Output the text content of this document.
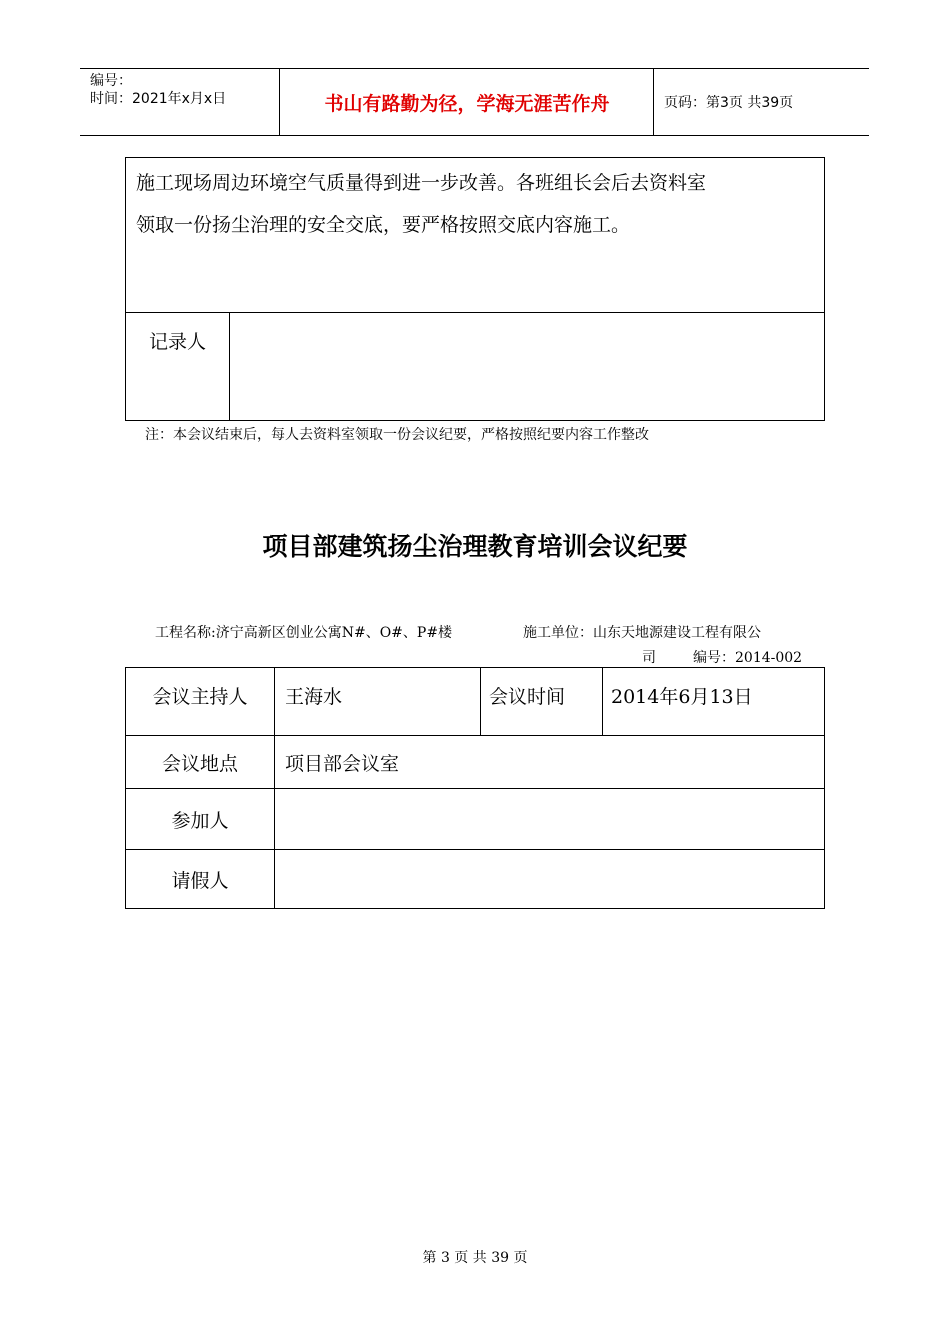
编号：
时间：2021年x月x日	书山有路勤为径，学海无涯苦作舟	页码：第3页 共39页
施工现场周边环境空气质量得到进一步改善。各班组长会后去资料室
领取一份扬尘治理的安全交底，要严格按照交底内容施工。

记录人	
注：本会议结束后，每人去资料室领取一份会议纪要，严格按照纪要内容工作整改
项目部建筑扬尘治理教育培训会议纪要
工程名称:济宁高新区创业公寓N#、O#、P#楼	施工单位：山东天地源建设工程有限公
司	编号：2014-002
会议主持人	王海水	会议时间	2014年6月13日
会议地点	项目部会议室		
参加人			
请假人			
第 3 页 共 39 页
